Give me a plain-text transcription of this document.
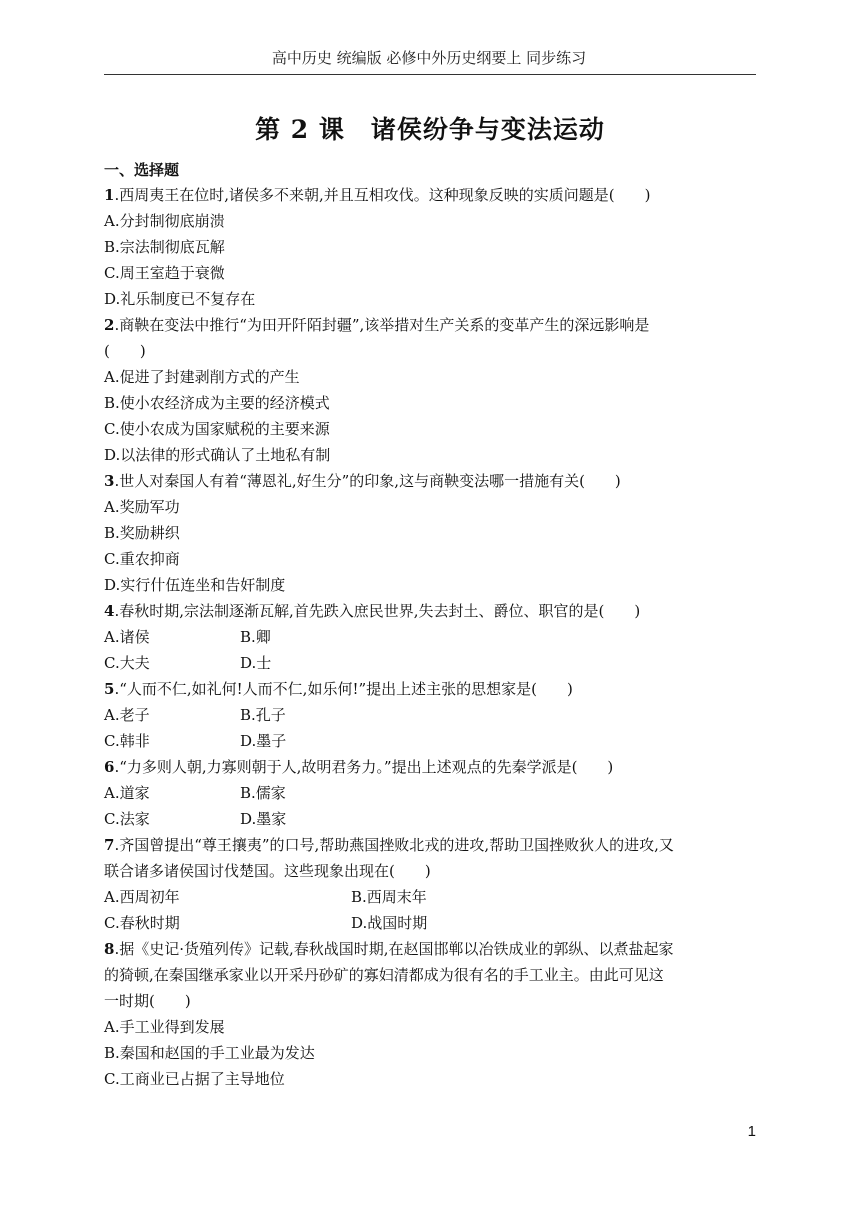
高中历史 统编版 必修中外历史纲要上 同步练习
第 2 课　诸侯纷争与变法运动
一、选择题
1.西周夷王在位时,诸侯多不来朝,并且互相攻伐。这种现象反映的实质问题是(　　)
A.分封制彻底崩溃
B.宗法制彻底瓦解
C.周王室趋于衰微
D.礼乐制度已不复存在
2.商鞅在变法中推行“为田开阡陌封疆”,该举措对生产关系的变革产生的深远影响是
(　　)
A.促进了封建剥削方式的产生
B.使小农经济成为主要的经济模式
C.使小农成为国家赋税的主要来源
D.以法律的形式确认了土地私有制
3.世人对秦国人有着“薄恩礼,好生分”的印象,这与商鞅变法哪一措施有关(　　)
A.奖励军功
B.奖励耕织
C.重农抑商
D.实行什伍连坐和告奸制度
4.春秋时期,宗法制逐渐瓦解,首先跌入庶民世界,失去封土、爵位、职官的是(　　)
A.诸侯	B.卿
C.大夫	D.士
5.“人而不仁,如礼何!人而不仁,如乐何!”提出上述主张的思想家是(　　)
A.老子	B.孔子
C.韩非	D.墨子
6.“力多则人朝,力寡则朝于人,故明君务力。”提出上述观点的先秦学派是(　　)
A.道家	B.儒家
C.法家	D.墨家
7.齐国曾提出“尊王攘夷”的口号,帮助燕国挫败北戎的进攻,帮助卫国挫败狄人的进攻,又
联合诸多诸侯国讨伐楚国。这些现象出现在(　　)
A.西周初年	B.西周末年
C.春秋时期	D.战国时期
8.据《史记·货殖列传》记载,春秋战国时期,在赵国邯郸以冶铁成业的郭纵、以煮盐起家
的猗顿,在秦国继承家业以开采丹砂矿的寡妇清都成为很有名的手工业主。由此可见这
一时期(　　)
A.手工业得到发展
B.秦国和赵国的手工业最为发达
C.工商业已占据了主导地位
1
